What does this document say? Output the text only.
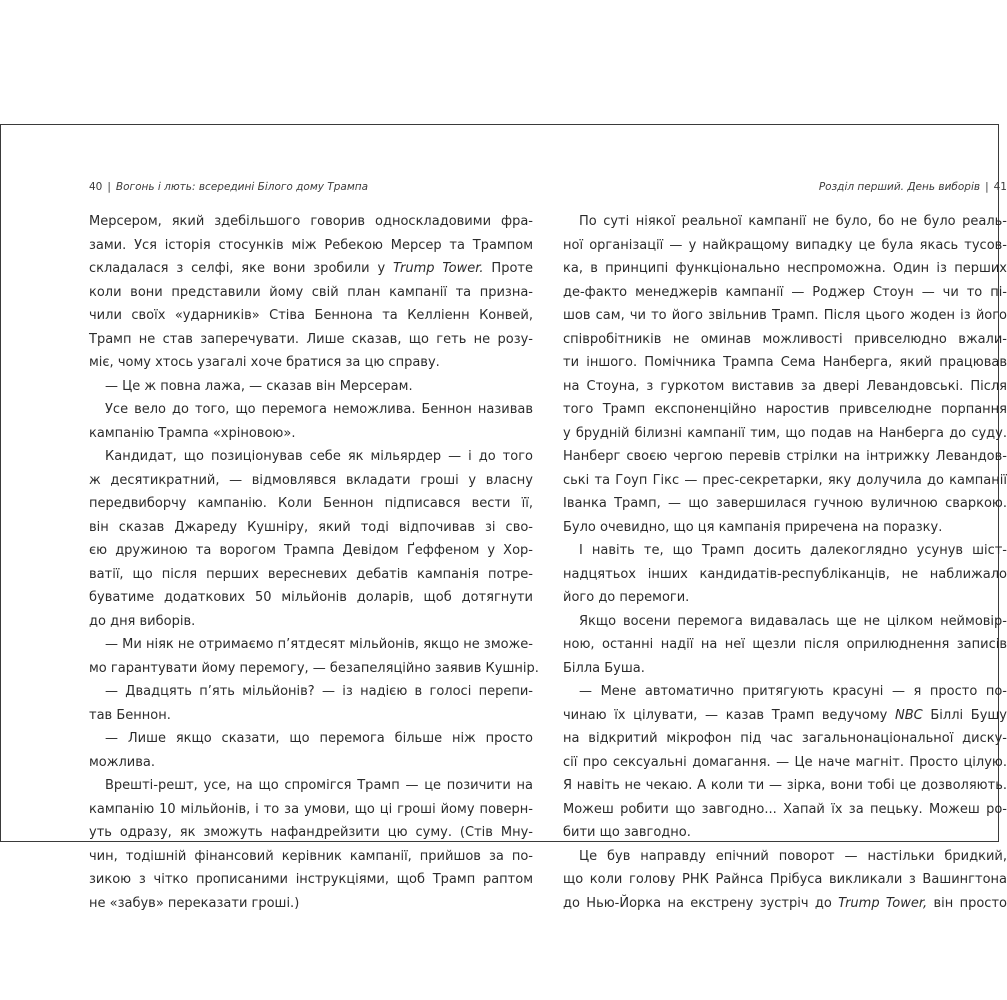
40 | Вогонь і лють: всередині Білого дому Трампа
Мерсером, який здебільшого говорив односкладовими фра-
зами. Уся історія стосунків між Ребекою Мерсер та Трампом
складалася з селфі, яке вони зробили у Trump Tower. Проте
коли вони представили йому свій план кампанії та призна-
чили своїх «ударників» Стіва Беннона та Келліенн Конвей,
Трамп не став заперечувати. Лише сказав, що геть не розу-
міє, чому хтось узагалі хоче братися за цю справу.
— Це ж повна лажа, — сказав він Мерсерам.
Усе вело до того, що перемога неможлива. Беннон називав
кампанію Трампа «хріновою».
Кандидат, що позиціонував себе як мільярдер — і до того
ж десятикратний, — відмовлявся вкладати гроші у власну
передвиборчу кампанію. Коли Беннон підписався вести її,
він сказав Джареду Кушніру, який тоді відпочивав зі сво-
єю дружиною та ворогом Трампа Девідом Ґеффеном у Хор-
ватії, що після перших вересневих дебатів кампанія потре-
буватиме додаткових 50 мільйонів доларів, щоб дотягнути
до дня виборів.
— Ми ніяк не отримаємо п’ятдесят мільйонів, якщо не зможе-
мо гарантувати йому перемогу, — безапеляційно заявив Кушнір.
— Двадцять п’ять мільйонів? — із надією в голосі перепи-
тав Беннон.
— Лише якщо сказати, що перемога більше ніж просто
можлива.
Врешті-решт, усе, на що спромігся Трамп — це позичити на
кампанію 10 мільйонів, і то за умови, що ці гроші йому поверн-
уть одразу, як зможуть нафандрейзити цю суму. (Стів Мну-
чин, тодішній фінансовий керівник кампанії, прийшов за по-
зикою з чітко прописаними інструкціями, щоб Трамп раптом
не «забув» переказати гроші.)
Розділ перший. День виборів | 41
По суті ніякої реальної кампанії не було, бо не було реаль-
ної організації — у найкращому випадку це була якась тусов-
ка, в принципі функціонально неспроможна. Один із перших
де-факто менеджерів кампанії — Роджер Стоун — чи то пі-
шов сам, чи то його звільнив Трамп. Після цього жоден із його
співробітників не оминав можливості привселюдно вжали-
ти іншого. Помічника Трампа Сема Нанберга, який працював
на Стоуна, з гуркотом виставив за двері Левандовські. Після
того Трамп експоненційно наростив привселюдне порпання
у брудній білизні кампанії тим, що подав на Нанберга до суду.
Нанберг своєю чергою перевів стрілки на інтрижку Левандов-
ські та Гоуп Гікс — прес-секретарки, яку долучила до кампанії
Іванка Трамп, — що завершилася гучною вуличною сваркою.
Було очевидно, що ця кампанія приречена на поразку.
І навіть те, що Трамп досить далекоглядно усунув шіст-
надцятьох інших кандидатів-республіканців, не наближало
його до перемоги.
Якщо восени перемога видавалась ще не цілком неймовір-
ною, останні надії на неї щезли після оприлюднення записів
Білла Буша.
— Мене автоматично притягують красуні — я просто по-
чинаю їх цілувати, — казав Трамп ведучому NBC Біллі Бушу
на відкритий мікрофон під час загальнонаціональної диску-
сії про сексуальні домагання. — Це наче магніт. Просто цілую.
Я навіть не чекаю. А коли ти — зірка, вони тобі це дозволяють.
Можеш робити що завгодно... Хапай їх за пецьку. Можеш ро-
бити що завгодно.
Це був направду епічний поворот — настільки бридкий,
що коли голову РНК Райнса Прібуса викликали з Вашингтона
до Нью-Йорка на екстрену зустріч до Trump Tower, він просто
